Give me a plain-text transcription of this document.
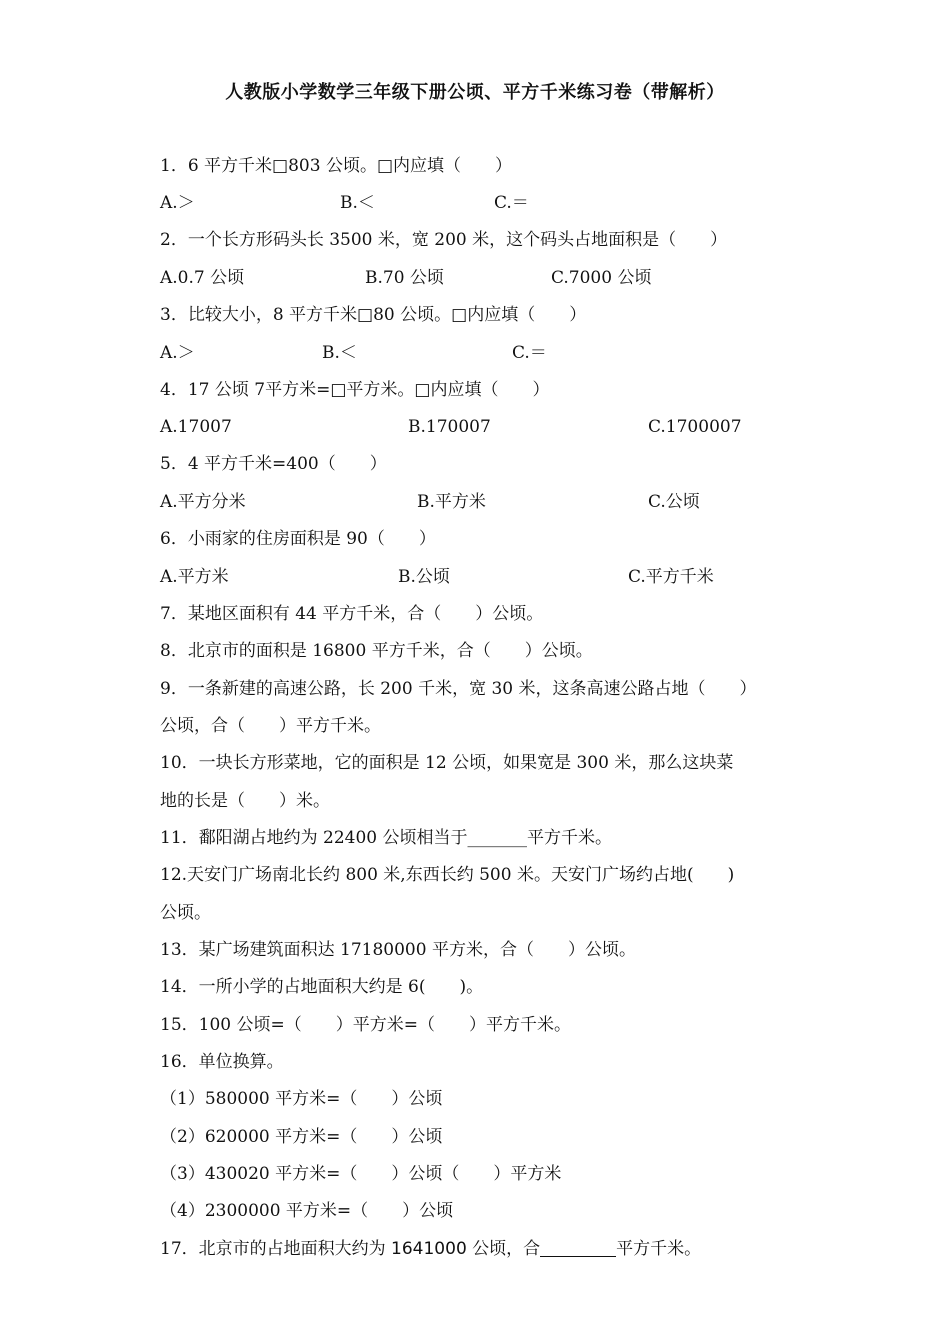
人教版小学数学三年级下册公顷、平方千米练习卷（带解析）
1．6 平方千米□803 公顷。□内应填（　　）
A.＞	B.＜	C.＝
2．一个长方形码头长 3500 米，宽 200 米，这个码头占地面积是（　　）
A.0.7 公顷	B.70 公顷	C.7000 公顷
3．比较大小，8 平方千米□80 公顷。□内应填（　　）
A.＞	B.＜	C.＝
4．17 公顷 7平方米=□平方米。□内应填（　　）
A.17007	B.170007	C.1700007
5．4 平方千米=400（　　）
A.平方分米	B.平方米	C.公顷
6．小雨家的住房面积是 90（　　）
A.平方米	B.公顷	C.平方千米
7．某地区面积有 44 平方千米，合（　　）公顷。
8．北京市的面积是 16800 平方千米，合（　　）公顷。
9．一条新建的高速公路，长 200 千米，宽 30 米，这条高速公路占地（　　）
公顷，合（　　）平方千米。
10．一块长方形菜地，它的面积是 12 公顷，如果宽是 300 米，那么这块菜
地的长是（　　）米。
11．鄱阳湖占地约为 22400 公顷相当于_______平方千米。
12.天安门广场南北长约 800 米,东西长约 500 米。天安门广场约占地(　　)
公顷。
13．某广场建筑面积达 17180000 平方米，合（　　）公顷。
14．一所小学的占地面积大约是 6(　　)。
15．100 公顷=（　　）平方米=（　　）平方千米。
16．单位换算。
（1）580000 平方米=（　　）公顷
（2）620000 平方米=（　　）公顷
（3）430020 平方米=（　　）公顷（　　）平方米
（4）2300000 平方米=（　　）公顷
17．北京市的占地面积大约为 1641000 公顷，合	平方千米。
